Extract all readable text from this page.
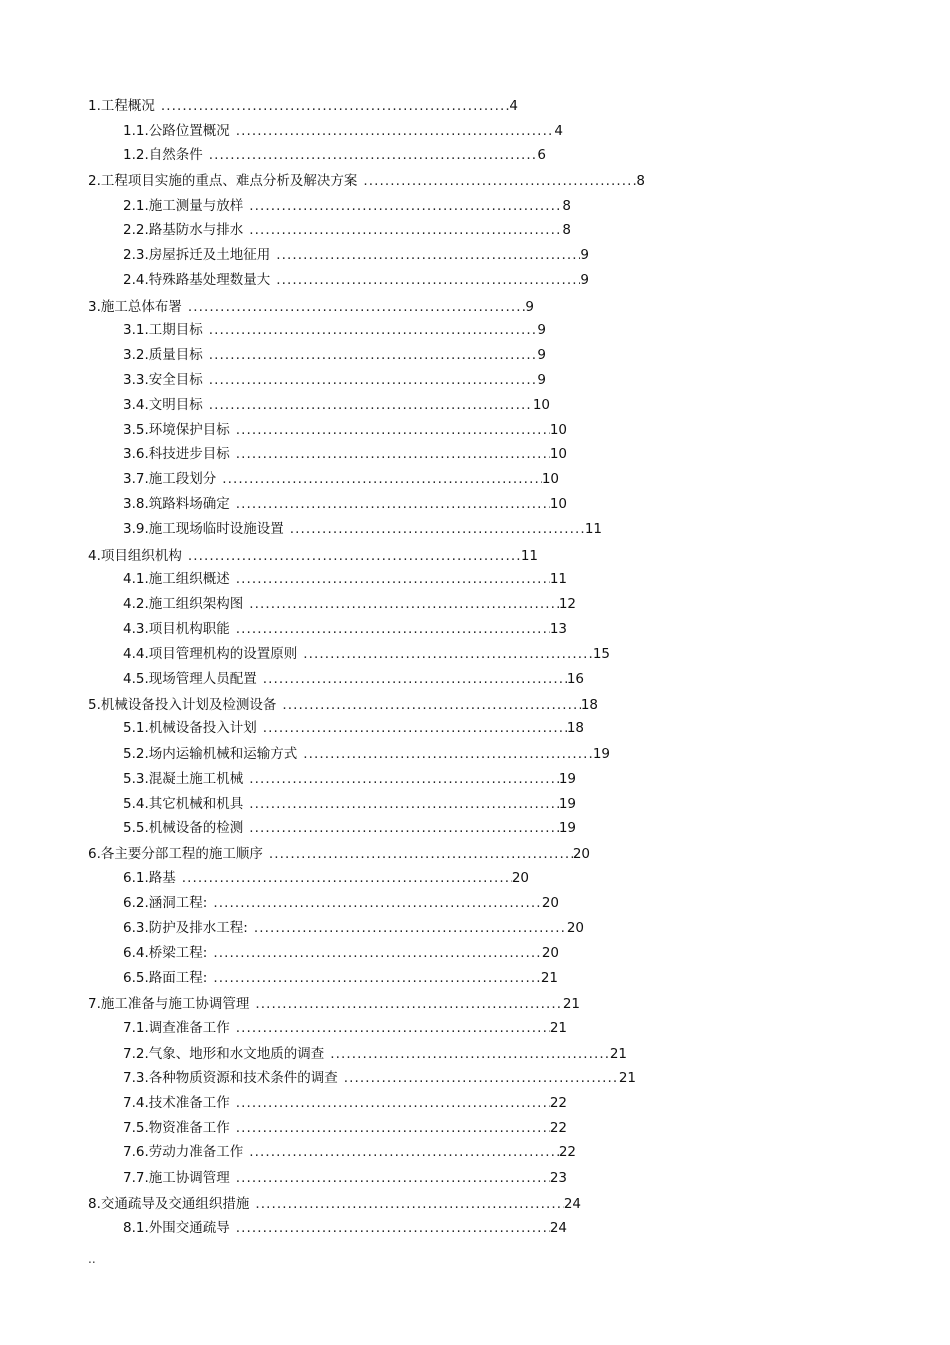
1. 工程概况 . . .	4
1.1. 公路位置概况 . . .	4
1.2. 自然条件 . . .	6
2. 工程项目实施的重点、难点分析及解决方案 . . .	8
2.1. 施工测量与放样 . . .	8
2.2. 路基防水与排水 . . .	8
2.3. 房屋拆迁及土地征用 . . .	9
2.4. 特殊路基处理数量大 . . .	9
3. 施工总体布署 . . .	9
3.1. 工期目标 . . .	9
3.2. 质量目标 . . .	9
3.3. 安全目标 . . .	9
3.4. 文明目标 . . .	10
3.5. 环境保护目标 . . .	10
3.6. 科技进步目标 . . .	10
3.7. 施工段划分 . . .	10
3.8. 筑路料场确定 . . .	10
3.9. 施工现场临时设施设置 . . .	11
4. 项目组织机构 . . .	11
4.1. 施工组织概述 . . .	11
4.2. 施工组织架构图 . . .	12
4.3. 项目机构职能 . . .	13
4.4. 项目管理机构的设置原则 . . .	15
4.5. 现场管理人员配置 . . .	16
5. 机械设备投入计划及检测设备 . . .	18
5.1. 机械设备投入计划 . . .	18
5.2. 场内运输机械和运输方式 . . .	19
5.3. 混凝土施工机械 . . .	19
5.4. 其它机械和机具 . . .	19
5.5. 机械设备的检测 . . .	19
6. 各主要分部工程的施工顺序 . . .	20
6.1. 路基 . . .	20
6.2. 涵洞工程: . . .	20
6.3. 防护及排水工程: . . .	20
6.4. 桥梁工程: . . .	20
6.5. 路面工程: . . .	21
7. 施工准备与施工协调管理 . . .	21
7.1. 调查准备工作 . . .	21
7.2. 气象、地形和水文地质的调查 . . .	21
7.3. 各种物质资源和技术条件的调查 . . .	21
7.4. 技术准备工作 . . .	22
7.5. 物资准备工作 . . .	22
7.6. 劳动力准备工作 . . .	22
7.7. 施工协调管理 . . .	23
8. 交通疏导及交通组织措施 . . .	24
8.1. 外围交通疏导 . . .	24
..
